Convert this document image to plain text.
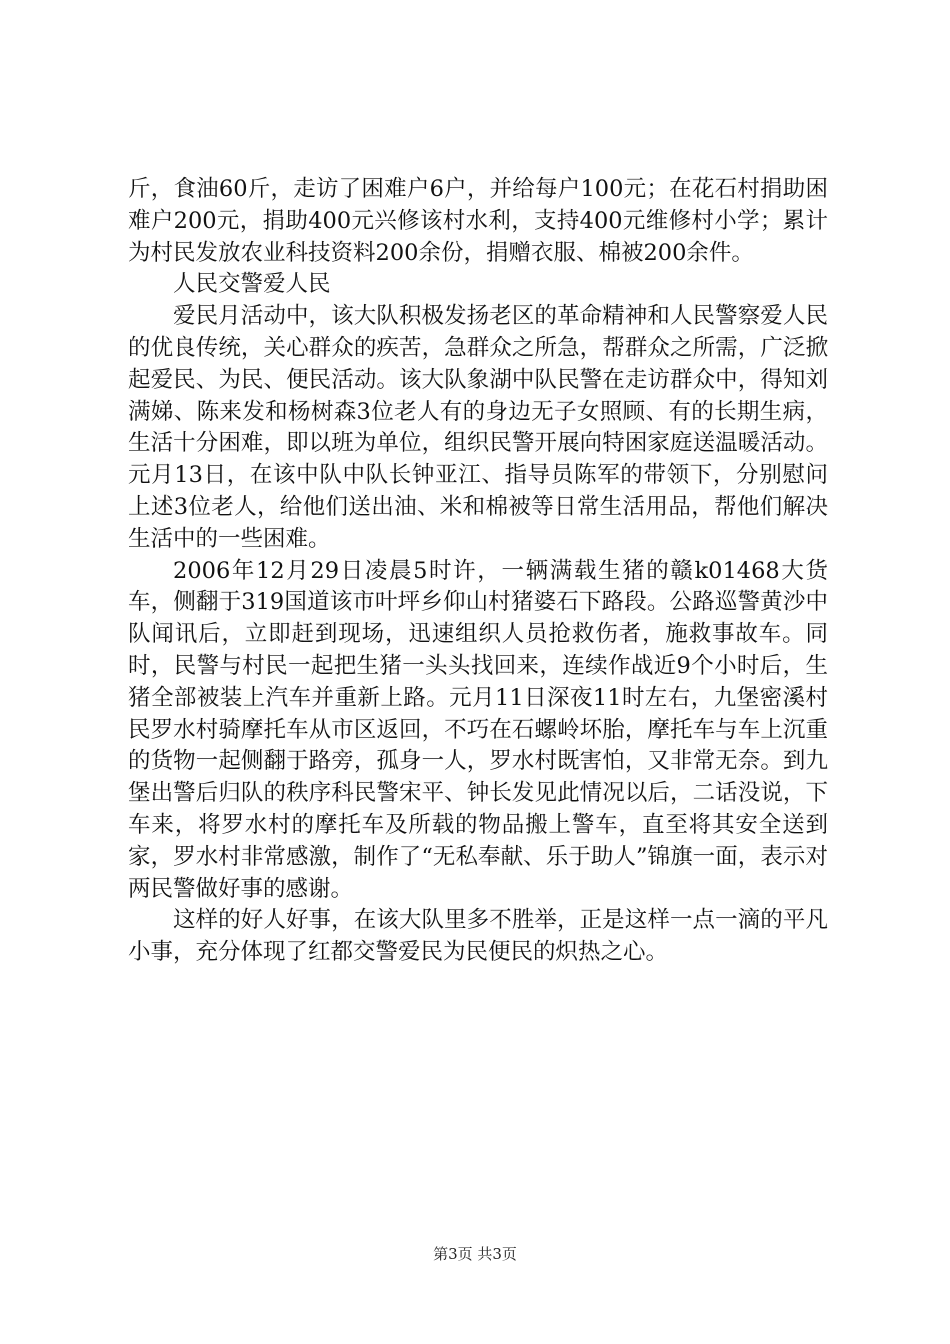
斤，食油60斤，走访了困难户6户，并给每户100元；在花石村捐助困难户200元，捐助400元兴修该村水利，支持400元维修村小学；累计为村民发放农业科技资料200余份，捐赠衣服、棉被200余件。

人民交警爱人民

爱民月活动中，该大队积极发扬老区的革命精神和人民警察爱人民的优良传统，关心群众的疾苦，急群众之所急，帮群众之所需，广泛掀起爱民、为民、便民活动。该大队象湖中队民警在走访群众中，得知刘满娣、陈来发和杨树森3位老人有的身边无子女照顾、有的长期生病，生活十分困难，即以班为单位，组织民警开展向特困家庭送温暖活动。元月13日，在该中队中队长钟亚江、指导员陈军的带领下，分别慰问上述3位老人，给他们送出油、米和棉被等日常生活用品，帮他们解决生活中的一些困难。

2006年12月29日凌晨5时许，一辆满载生猪的赣k01468大货车，侧翻于319国道该市叶坪乡仰山村猪婆石下路段。公路巡警黄沙中队闻讯后，立即赶到现场，迅速组织人员抢救伤者，施救事故车。同时，民警与村民一起把生猪一头头找回来，连续作战近9个小时后，生猪全部被装上汽车并重新上路。元月11日深夜11时左右，九堡密溪村民罗水村骑摩托车从市区返回，不巧在石螺岭坏胎，摩托车与车上沉重的货物一起侧翻于路旁，孤身一人，罗水村既害怕，又非常无奈。到九堡出警后归队的秩序科民警宋平、钟长发见此情况以后，二话没说，下车来，将罗水村的摩托车及所载的物品搬上警车，直至将其安全送到家，罗水村非常感激，制作了“无私奉献、乐于助人”锦旗一面，表示对两民警做好事的感谢。

这样的好人好事，在该大队里多不胜举，正是这样一点一滴的平凡小事，充分体现了红都交警爱民为民便民的炽热之心。

第3页 共3页
